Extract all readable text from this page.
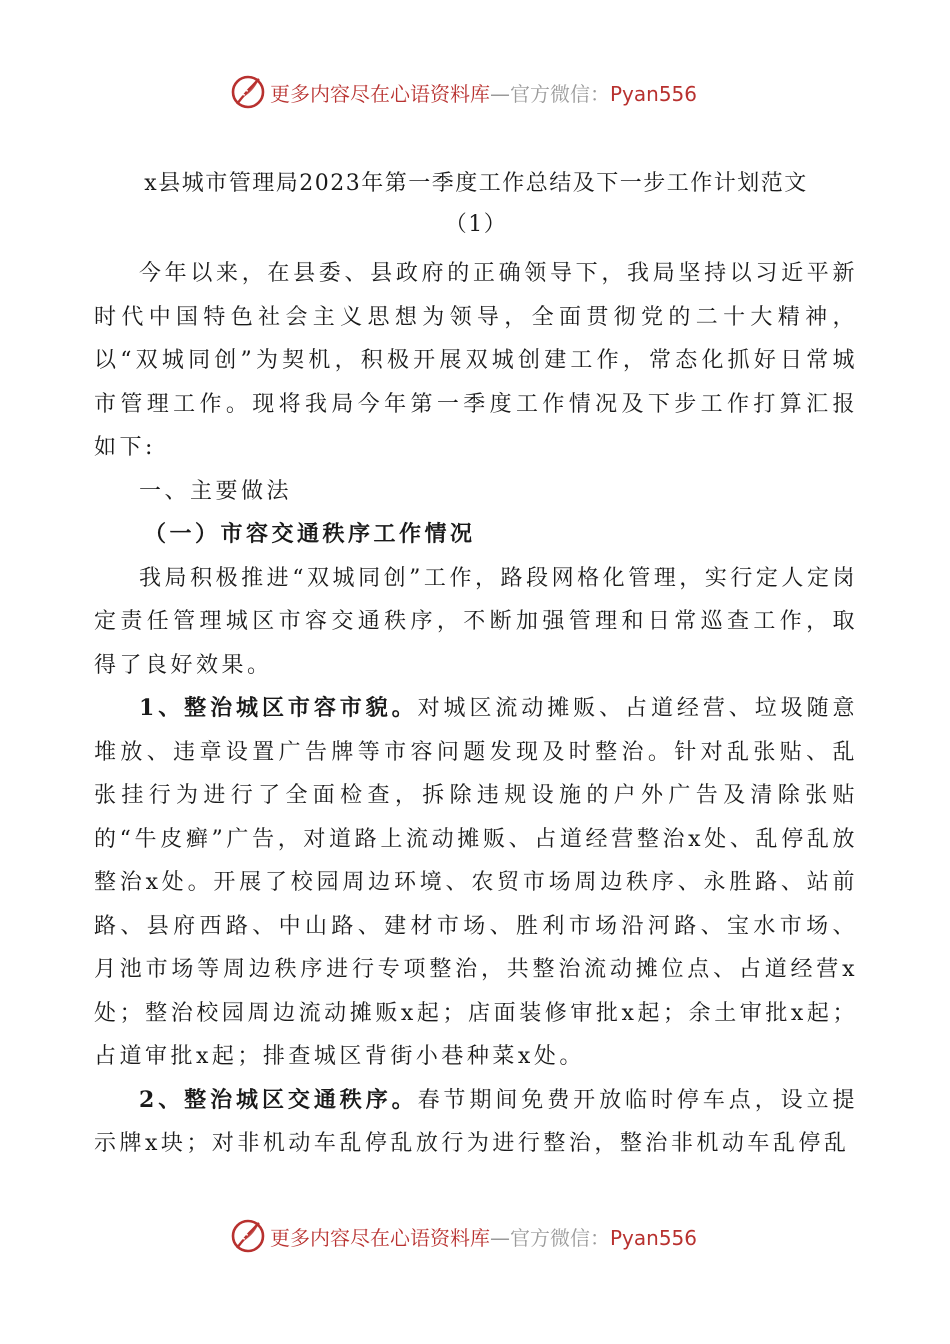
更多内容尽在心语资料库—官方微信：Pyan556
x县城市管理局2023年第一季度工作总结及下一步工作计划范文
（1）

今年以来，在县委、县政府的正确领导下，我局坚持以习近平新时代中国特色社会主义思想为领导，全面贯彻党的二十大精神，以“双城同创”为契机，积极开展双城创建工作，常态化抓好日常城市管理工作。现将我局今年第一季度工作情况及下步工作打算汇报如下:

一、主要做法

（一）市容交通秩序工作情况

我局积极推进“双城同创”工作，路段网格化管理，实行定人定岗定责任管理城区市容交通秩序，不断加强管理和日常巡查工作，取得了良好效果。

1、整治城区市容市貌。对城区流动摊贩、占道经营、垃圾随意堆放、违章设置广告牌等市容问题发现及时整治。针对乱张贴、乱张挂行为进行了全面检查，拆除违规设施的户外广告及清除张贴的“牛皮癣”广告，对道路上流动摊贩、占道经营整治x处、乱停乱放整治x处。开展了校园周边环境、农贸市场周边秩序、永胜路、站前路、县府西路、中山路、建材市场、胜利市场沿河路、宝水市场、月池市场等周边秩序进行专项整治，共整治流动摊位点、占道经营x处；整治校园周边流动摊贩x起；店面装修审批x起；余土审批x起；占道审批x起；排查城区背街小巷种菜x处。

2、整治城区交通秩序。春节期间免费开放临时停车点，设立提示牌x块；对非机动车乱停乱放行为进行整治，整治非机动车乱停乱

更多内容尽在心语资料库—官方微信：Pyan556
